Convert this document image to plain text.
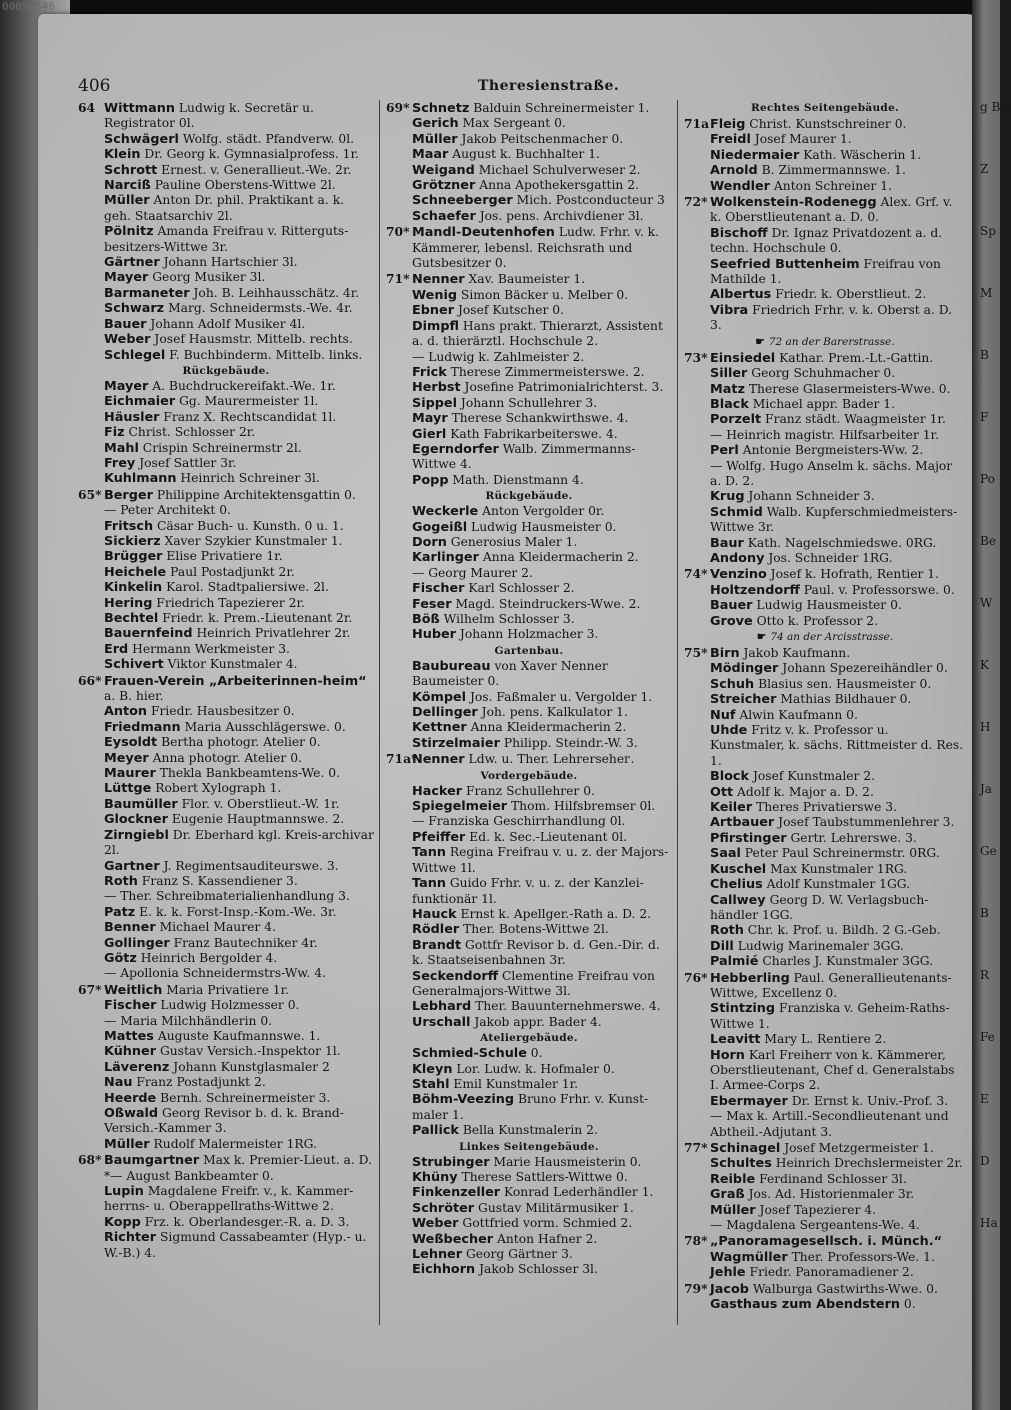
g Boi
Z
Sp
M
B
F
Po
Be
W
K
H
Ja
Ge
B
R
Fe
E
D
Ha
00098546
406	Theresienstraße.

64 Wittmann Ludwig k. Secretär u. Registrator 0l.

Schwägerl Wolfg. städt. Pfandverw. 0l.

Klein Dr. Georg k. Gymnasialprofess. 1r.

Schrott Ernest. v. Generallieut.-We. 2r.

Narciß Pauline Oberstens-Wittwe 2l.

Müller Anton Dr. phil. Praktikant a. k. geh. Staatsarchiv 2l.

Pölnitz Amanda Freifrau v. Ritterguts-besitzers-Wittwe 3r.

Gärtner Johann Hartschier 3l.

Mayer Georg Musiker 3l.

Barmaneter Joh. B. Leihhausschätz. 4r.

Schwarz Marg. Schneidermsts.-We. 4r.

Bauer Johann Adolf Musiker 4l.

Weber Josef Hausmstr. Mittelb. rechts.

Schlegel F. Buchbinderm. Mittelb. links.

Rückgebäude.

Mayer A. Buchdruckereifakt.-We. 1r.

Eichmaier Gg. Maurermeister 1l.

Häusler Franz X. Rechtscandidat 1l.

Fiz Christ. Schlosser 2r.

Mahl Crispin Schreinermstr 2l.

Frey Josef Sattler 3r.

Kuhlmann Heinrich Schreiner 3l.

65* Berger Philippine Architektensgattin 0.

— Peter Architekt 0.

Fritsch Cäsar Buch- u. Kunsth. 0 u. 1.

Sickierz Xaver Szykier Kunstmaler 1.

Brügger Elise Privatiere 1r.

Heichele Paul Postadjunkt 2r.

Kinkelin Karol. Stadtpaliersiwe. 2l.

Hering Friedrich Tapezierer 2r.

Bechtel Friedr. k. Prem.-Lieutenant 2r.

Bauernfeind Heinrich Privatlehrer 2r.

Erd Hermann Werkmeister 3.

Schivert Viktor Kunstmaler 4.

66* Frauen-Verein „Arbeiterinnen-heim“ a. B. hier.

Anton Friedr. Hausbesitzer 0.

Friedmann Maria Ausschlägerswe. 0.

Eysoldt Bertha photogr. Atelier 0.

Meyer Anna photogr. Atelier 0.

Maurer Thekla Bankbeamtens-We. 0.

Lüttge Robert Xylograph 1.

Baumüller Flor. v. Oberstlieut.-W. 1r.

Glockner Eugenie Hauptmannswe. 2.

Zirngiebl Dr. Eberhard kgl. Kreis-archivar 2l.

Gartner J. Regimentsauditeurswe. 3.

Roth Franz S. Kassendiener 3.

— Ther. Schreibmaterialienhandlung 3.

Patz E. k. k. Forst-Insp.-Kom.-We. 3r.

Benner Michael Maurer 4.

Gollinger Franz Bautechniker 4r.

Götz Heinrich Bergolder 4.

— Apollonia Schneidermstrs-Ww. 4.

67* Weitlich Maria Privatiere 1r.

Fischer Ludwig Holzmesser 0.

— Maria Milchhändlerin 0.

Mattes Auguste Kaufmannswe. 1.

Kühner Gustav Versich.-Inspektor 1l.

Läverenz Johann Kunstglasmaler 2

Nau Franz Postadjunkt 2.

Heerde Bernh. Schreinermeister 3.

Oßwald Georg Revisor b. d. k. Brand-Versich.-Kammer 3.

Müller Rudolf Malermeister 1RG.

68* Baumgartner Max k. Premier-Lieut. a. D.

*— August Bankbeamter 0.

Lupin Magdalene Freifr. v., k. Kammer-herrns- u. Oberappellraths-Wittwe 2.

Kopp Frz. k. Oberlandesger.-R. a. D. 3.

Richter Sigmund Cassabeamter (Hyp.- u. W.-B.) 4.

69* Schnetz Balduin Schreinermeister 1.

Gerich Max Sergeant 0.

Müller Jakob Peitschenmacher 0.

Maar August k. Buchhalter 1.

Weigand Michael Schulverweser 2.

Grötzner Anna Apothekersgattin 2.

Schneeberger Mich. Postconducteur 3

Schaefer Jos. pens. Archivdiener 3l.

70* Mandl-Deutenhofen Ludw. Frhr. v. k. Kämmerer, lebensl. Reichsrath und Gutsbesitzer 0.

71* Nenner Xav. Baumeister 1.

Wenig Simon Bäcker u. Melber 0.

Ebner Josef Kutscher 0.

Dimpfl Hans prakt. Thierarzt, Assistent a. d. thierärztl. Hochschule 2.

— Ludwig k. Zahlmeister 2.

Frick Therese Zimmermeisterswe. 2.

Herbst Josefine Patrimonialrichterst. 3.

Sippel Johann Schullehrer 3.

Mayr Therese Schankwirthswe. 4.

Gierl Kath Fabrikarbeiterswe. 4.

Egerndorfer Walb. Zimmermanns-Wittwe 4.

Popp Math. Dienstmann 4.

Rückgebäude.

Weckerle Anton Vergolder 0r.

Gogeißl Ludwig Hausmeister 0.

Dorn Generosius Maler 1.

Karlinger Anna Kleidermacherin 2.

— Georg Maurer 2.

Fischer Karl Schlosser 2.

Feser Magd. Steindruckers-Wwe. 2.

Böß Wilhelm Schlosser 3.

Huber Johann Holzmacher 3.

Gartenbau.

Baubureau von Xaver Nenner Baumeister 0.

Kömpel Jos. Faßmaler u. Vergolder 1.

Dellinger Joh. pens. Kalkulator 1.

Kettner Anna Kleidermacherin 2.

Stirzelmaier Philipp. Steindr.-W. 3.

71a*Nenner Ldw. u. Ther. Lehrersehег.

Vordergebäude.

Hacker Franz Schullehrer 0.

Spiegelmeier Thom. Hilfsbremser 0l.

— Franziska Geschirrhandlung 0l.

Pfeiffer Ed. k. Sec.-Lieutenant 0l.

Tann Regina Freifrau v. u. z. der Majors-Wittwe 1l.

Tann Guido Frhr. v. u. z. der Kanzlei-funktionär 1l.

Hauck Ernst k. Apellger.-Rath a. D. 2.

Rödler Ther. Botens-Wittwe 2l.

Brandt Gottfr Revisor b. d. Gen.-Dir. d. k. Staatseisenbahnen 3r.

Seckendorff Clementine Freifrau von Generalmajors-Wittwe 3l.

Lebhard Ther. Bauunternehmerswe. 4.

Urschall Jakob appr. Bader 4.

Ateliergebäude.

Schmied-Schule 0.

Kleyn Lor. Ludw. k. Hofmaler 0.

Stahl Emil Kunstmaler 1r.

Böhm-Veezing Bruno Frhr. v. Kunst-maler 1.

Pallick Bella Kunstmalerin 2.

Linkes Seitengebäude.

Strubinger Marie Hausmeisterin 0.

Khüny Therese Sattlers-Wittwe 0.

Finkenzeller Konrad Lederhändler 1.

Schröter Gustav Militärmusiker 1.

Weber Gottfried vorm. Schmied 2.

Weßbecher Anton Hafner 2.

Lehner Georg Gärtner 3.

Eichhorn Jakob Schlosser 3l.

Rechtes Seitengebäude.

71aFleig Christ. Kunstschreiner 0.

Freidl Josef Maurer 1.

Niedermaier Kath. Wäscherin 1.

Arnold B. Zimmermannswe. 1.

Wendler Anton Schreiner 1.

72* Wolkenstein-Rodenegg Alex. Grf. v. k. Oberstlieutenant a. D. 0.

Bischoff Dr. Ignaz Privatdozent a. d. techn. Hochschule 0.

Seefried Buttenheim Freifrau von Mathilde 1.

Albertus Friedr. k. Oberstlieut. 2.

Vibra Friedrich Frhr. v. k. Oberst a. D. 3.

☛ 72 an der Barerstrasse.

73* Einsiedel Kathar. Prem.-Lt.-Gattin.

Siller Georg Schuhmacher 0.

Matz Therese Glasermeisters-Wwe. 0.

Black Michael appr. Bader 1.

Porzelt Franz städt. Waagmeister 1r.

— Heinrich magistr. Hilfsarbeiter 1r.

Perl Antonie Bergmeisters-Ww. 2.

— Wolfg. Hugo Anselm k. sächs. Major a. D. 2.

Krug Johann Schneider 3.

Schmid Walb. Kupferschmiedmeisters-Wittwe 3r.

Baur Kath. Nagelschmiedswe. 0RG.

Andony Jos. Schneider 1RG.

74* Venzino Josef k. Hofrath, Rentier 1.

Holtzendorff Paul. v. Professorswe. 0.

Bauer Ludwig Hausmeister 0.

Grove Otto k. Professor 2.

☛ 74 an der Arcisstrasse.

75* Birn Jakob Kaufmann.

Mödinger Johann Spezereihändler 0.

Schuh Blasius sen. Hausmeister 0.

Streicher Mathias Bildhauer 0.

Nuf Alwin Kaufmann 0.

Uhde Fritz v. k. Professor u. Kunstmaler, k. sächs. Rittmeister d. Res. 1.

Block Josef Kunstmaler 2.

Ott Adolf k. Major a. D. 2.

Keiler Theres Privatierswe 3.

Artbauer Josef Taubstummenlehrer 3.

Pfirstinger Gertr. Lehrerswe. 3.

Saal Peter Paul Schreinermstr. 0RG.

Kuschel Max Kunstmaler 1RG.

Chelius Adolf Kunstmaler 1GG.

Callwey Georg D. W. Verlagsbuch-händler 1GG.

Roth Chr. k. Prof. u. Bildh. 2 G.-Geb.

Dill Ludwig Marinemaler 3GG.

Palmié Charles J. Kunstmaler 3GG.

76* Hebberling Paul. Generallieutenants-Wittwe, Excellenz 0.

Stintzing Franziska v. Geheim-Raths-Wittwe 1.

Leavitt Mary L. Rentiere 2.

Horn Karl Freiherr von k. Kämmerer, Oberstlieutenant, Chef d. Generalstabs I. Armee-Corps 2.

Ebermayer Dr. Ernst k. Univ.-Prof. 3.

— Max k. Artill.-Secondlieutenant und Abtheil.-Adjutant 3.

77* Schinagel Josef Metzgermeister 1.

Schultes Heinrich Drechslermeister 2r.

Reible Ferdinand Schlosser 3l.

Graß Jos. Ad. Historienmaler 3r.

Müller Josef Tapezierer 4.

— Magdalena Sergeantens-We. 4.

78* „Panoramagesellsch. i. Münch.“

Wagmüller Ther. Professors-We. 1.

Jehle Friedr. Panoramadiener 2.

79* Jacob Walburga Gastwirths-Wwe. 0.

Gasthaus zum Abendstern 0.
